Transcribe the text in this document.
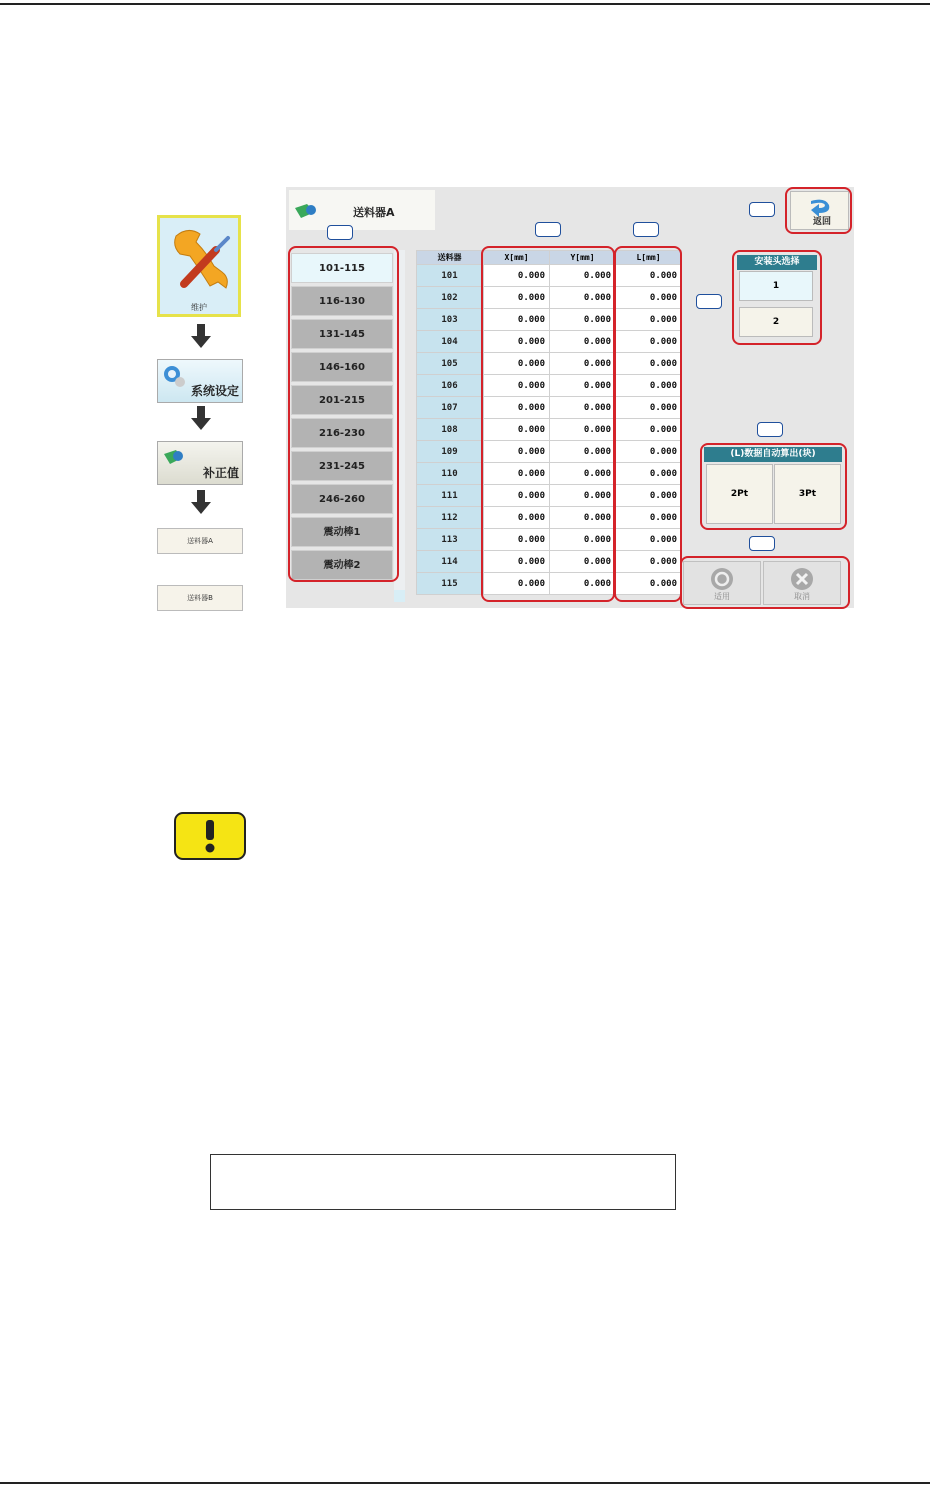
维护
系统设定
补正值
送料器A
送料器B
送料器A
返回
101-115
116-130
131-145
146-160
201-215
216-230
231-245
246-260
震动棒1
震动棒2
送料器		X[mm]	Y[mm]	L[mm]
101		0.000	0.000	0.000
102		0.000	0.000	0.000
103		0.000	0.000	0.000
104		0.000	0.000	0.000
105		0.000	0.000	0.000
106		0.000	0.000	0.000
107		0.000	0.000	0.000
108		0.000	0.000	0.000
109		0.000	0.000	0.000
110		0.000	0.000	0.000
111		0.000	0.000	0.000
112		0.000	0.000	0.000
113		0.000	0.000	0.000
114		0.000	0.000	0.000
115		0.000	0.000	0.000
安装头选择
1
2
(L)数据自动算出(块)
2Pt	3Pt
适用	取消
